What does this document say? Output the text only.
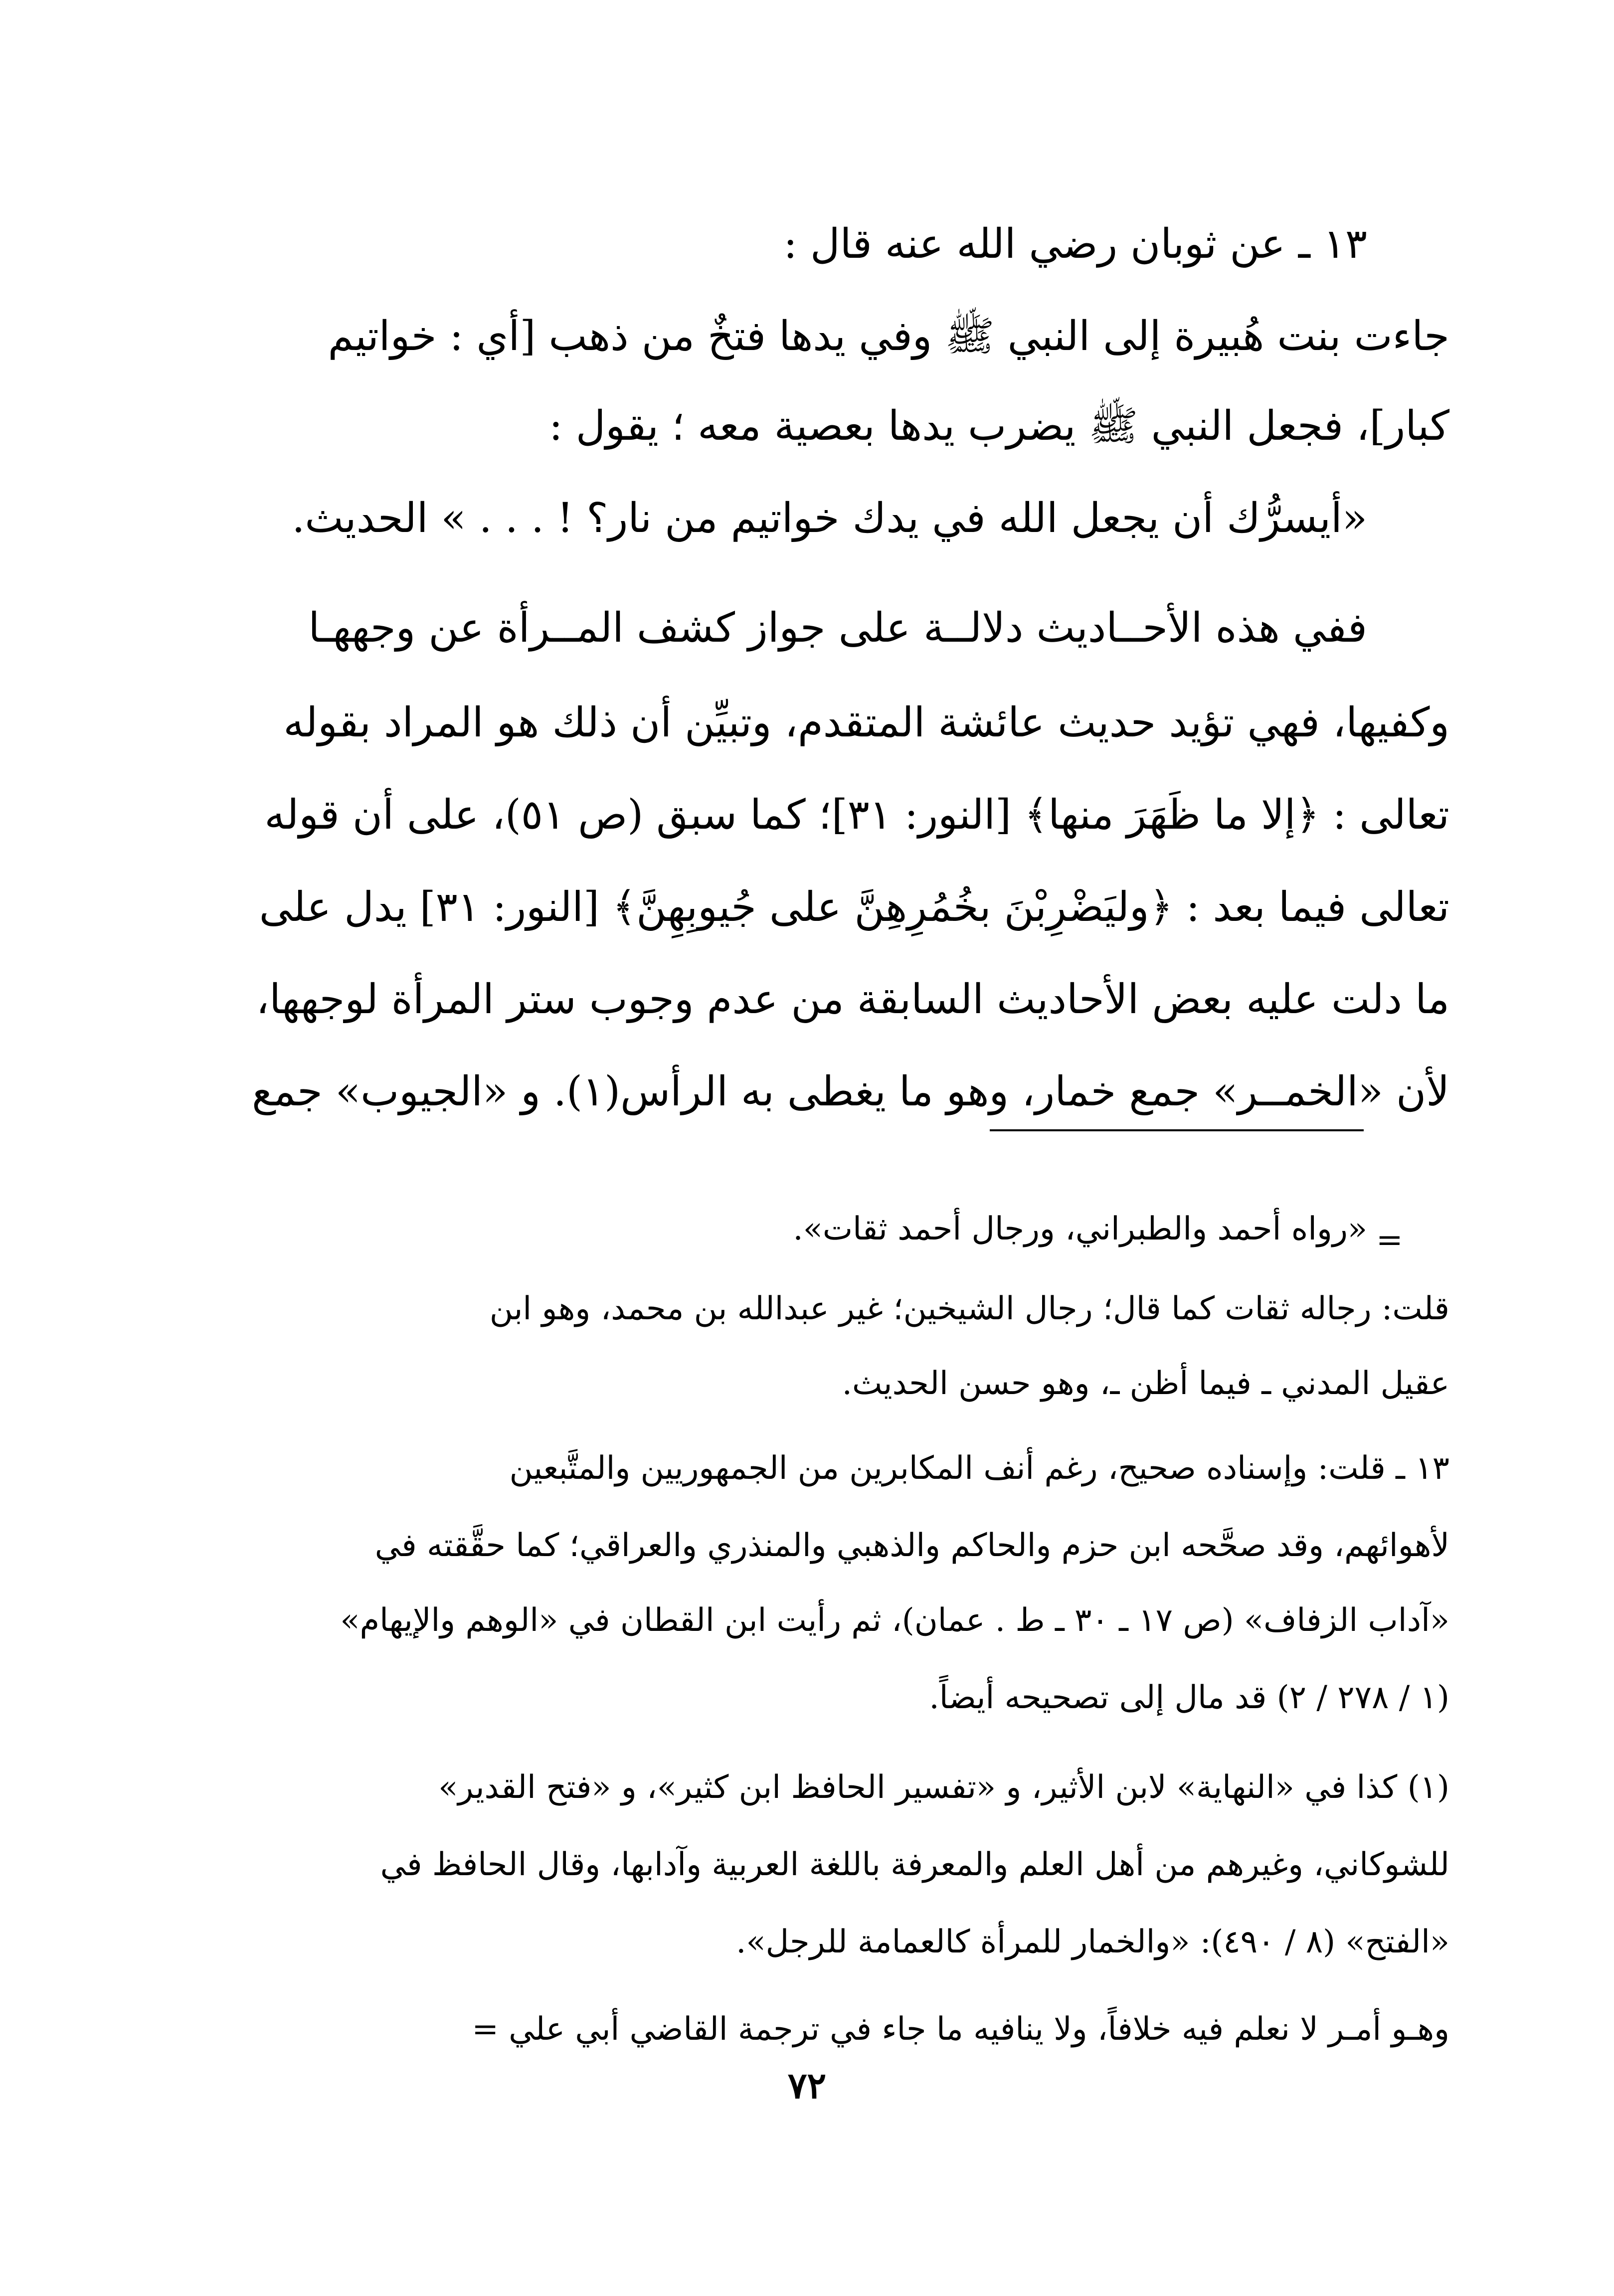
١٣ ـ عن ثوبان رضي الله عنه قال :
جاءت بنت هُبيرة إلى النبي ﷺ وفي يدها فتخٌ من ذهب [أي : خواتيم
كبار]، فجعل النبي ﷺ يضرب يدها بعصية معه ؛ يقول :
«أيسرُّك أن يجعل الله في يدك خواتيم من نار؟ ! . . . » الحديث.
ففي هذه الأحــاديث دلالــة على جواز كشف المــرأة عن وجههـا
وكفيها، فهي تؤيد حديث عائشة المتقدم، وتبيِّن أن ذلك هو المراد بقوله
تعالى : ﴿إلا ما ظَهَرَ منها﴾ [النور: ٣١]؛ كما سبق (ص ٥١)، على أن قوله
تعالى فيما بعد : ﴿وليَضْرِبْنَ بخُمُرِهِنَّ على جُيوبِهِنَّ﴾ [النور: ٣١] يدل على
ما دلت عليه بعض الأحاديث السابقة من عدم وجوب ستر المرأة لوجهها،
لأن «الخمــر» جمع خمار، وهو ما يغطى به الرأس(١). و «الجيوب» جمع
=
«رواه أحمد والطبراني، ورجال أحمد ثقات».
قلت: رجاله ثقات كما قال؛ رجال الشيخين؛ غير عبدالله بن محمد، وهو ابن
عقيل المدني ـ فيما أظن ـ، وهو حسن الحديث.
١٣ ـ قلت: وإسناده صحيح، رغم أنف المكابرين من الجمهوريين والمتَّبعين
لأهوائهم، وقد صحَّحه ابن حزم والحاكم والذهبي والمنذري والعراقي؛ كما حقَّقته في
«آداب الزفاف» (ص ١٧ ـ ٣٠ ـ ط . عمان)، ثم رأيت ابن القطان في «الوهم والإيهام»
(١ / ٢٧٨ / ٢) قد مال إلى تصحيحه أيضاً.
(١) كذا في «النهاية» لابن الأثير، و «تفسير الحافظ ابن كثير»، و «فتح القدير»
للشوكاني، وغيرهم من أهل العلم والمعرفة باللغة العربية وآدابها، وقال الحافظ في
«الفتح» (٨ / ٤٩٠): «والخمار للمرأة كالعمامة للرجل».
وهـو أمـر لا نعلم فيه خلافاً، ولا ينافيه ما جاء في ترجمة القاضي أبي علي =
٧٢
